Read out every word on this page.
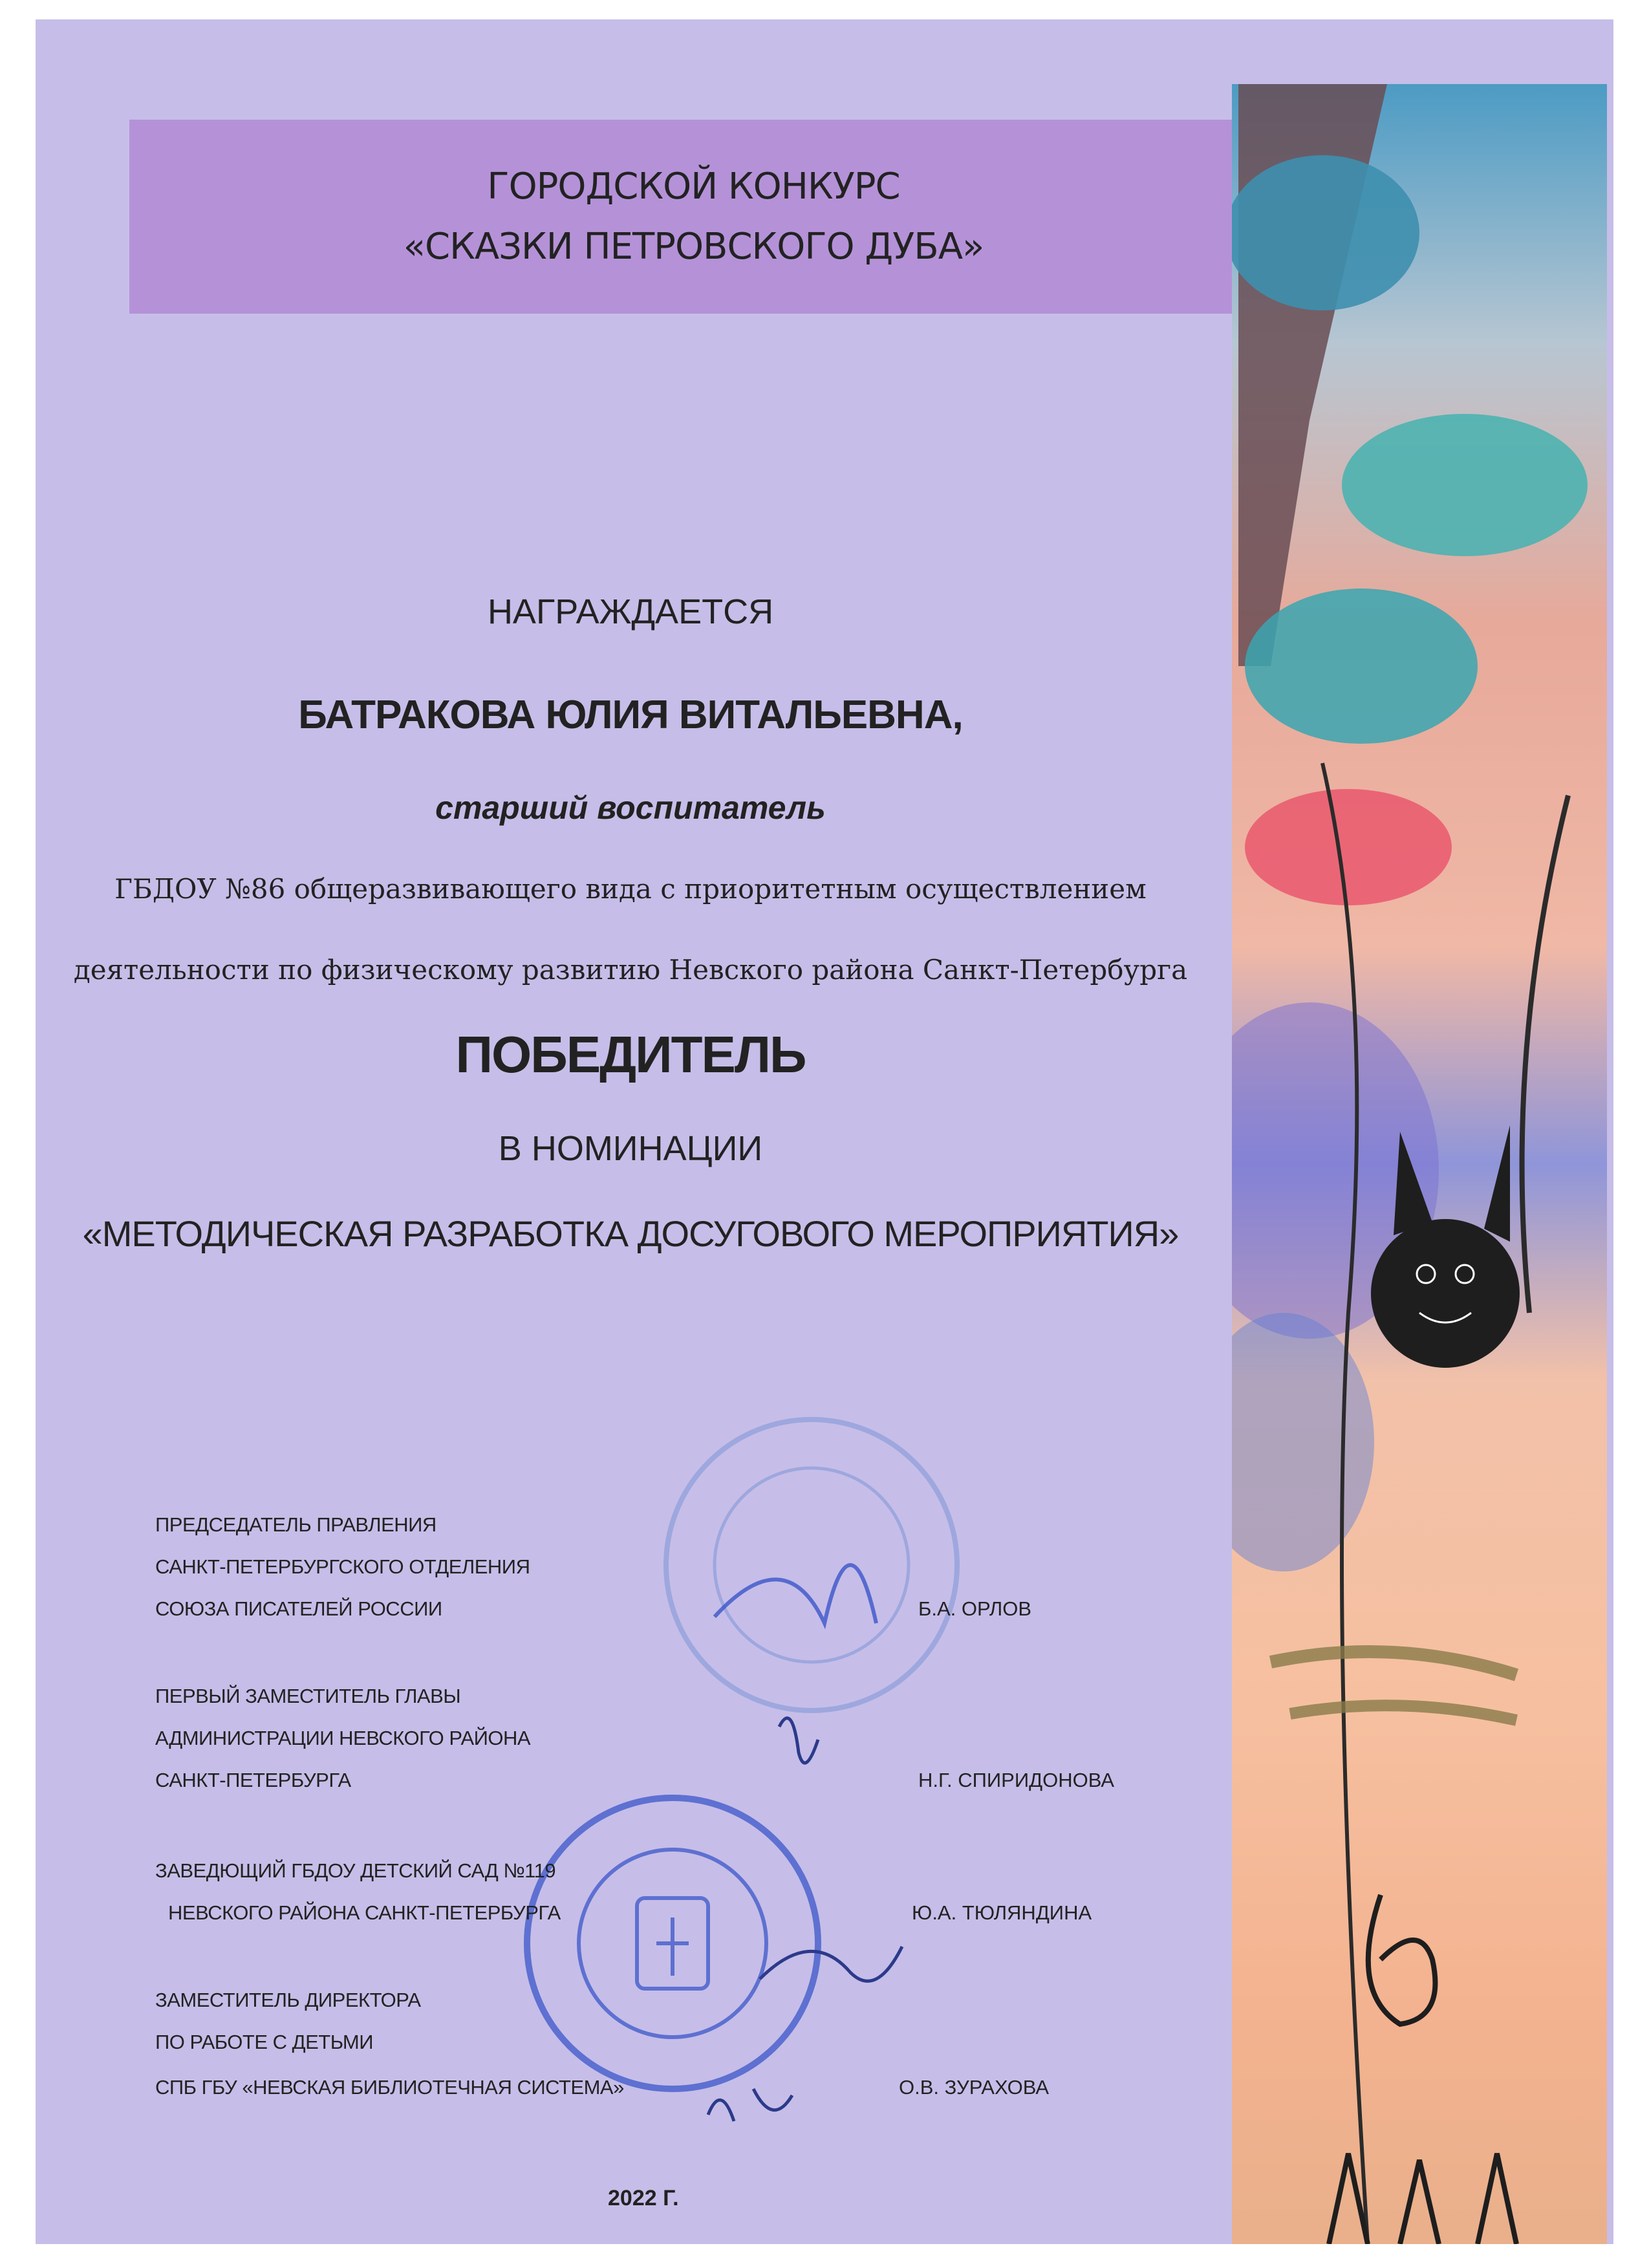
ГОРОДСКОЙ КОНКУРС
«СКАЗКИ ПЕТРОВСКОГО ДУБА»
НАГРАЖДАЕТСЯ
БАТРАКОВА ЮЛИЯ ВИТАЛЬЕВНА,
старший воспитатель
ГБДОУ №86 общеразвивающего вида с приоритетным осуществлением
деятельности по физическому развитию Невского района Санкт-Петербурга
ПОБЕДИТЕЛЬ
В НОМИНАЦИИ
«МЕТОДИЧЕСКАЯ РАЗРАБОТКА ДОСУГОВОГО МЕРОПРИЯТИЯ»
ПРЕДСЕДАТЕЛЬ ПРАВЛЕНИЯ
САНКТ-ПЕТЕРБУРГСКОГО ОТДЕЛЕНИЯ
СОЮЗА ПИСАТЕЛЕЙ РОССИИ	Б.А. ОРЛОВ
ПЕРВЫЙ ЗАМЕСТИТЕЛЬ ГЛАВЫ
АДМИНИСТРАЦИИ НЕВСКОГО РАЙОНА
САНКТ-ПЕТЕРБУРГА	Н.Г. СПИРИДОНОВА
ЗАВЕДЮЩИЙ ГБДОУ ДЕТСКИЙ САД №119
НЕВСКОГО РАЙОНА САНКТ-ПЕТЕРБУРГА	Ю.А. ТЮЛЯНДИНА
ЗАМЕСТИТЕЛЬ ДИРЕКТОРА
ПО РАБОТЕ С ДЕТЬМИ
СПБ ГБУ «НЕВСКАЯ БИБЛИОТЕЧНАЯ СИСТЕМА»	О.В. ЗУРАХОВА
2022 Г.
